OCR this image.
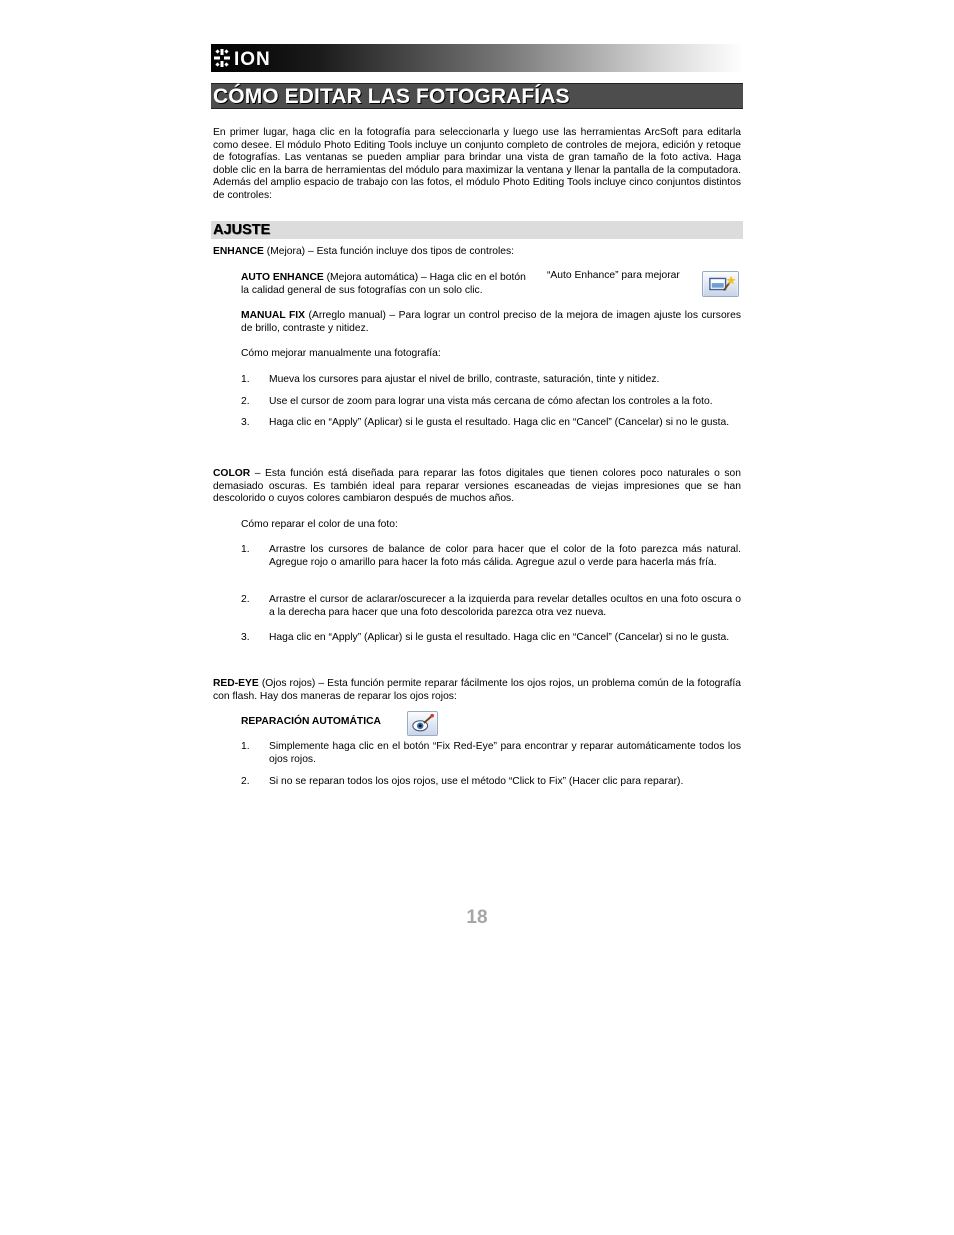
ION
CÓMO EDITAR LAS FOTOGRAFÍAS
En primer lugar, haga clic en la fotografía para seleccionarla y luego use las herramientas ArcSoft para editarla como desee. El módulo Photo Editing Tools incluye un conjunto completo de controles de mejora, edición y retoque de fotografías. Las ventanas se pueden ampliar para brindar una vista de gran tamaño de la foto activa. Haga doble clic en la barra de herramientas del módulo para maximizar la ventana y llenar la pantalla de la computadora. Además del amplio espacio de trabajo con las fotos, el módulo Photo Editing Tools incluye cinco conjuntos distintos de controles:
AJUSTE
ENHANCE (Mejora) – Esta función incluye dos tipos de controles:
AUTO ENHANCE (Mejora automática) – Haga clic en el botón	“Auto Enhance” para mejorar
la calidad general de sus fotografías con un solo clic.
MANUAL FIX (Arreglo manual) – Para lograr un control preciso de la mejora de imagen ajuste los cursores de brillo, contraste y nitidez.
Cómo mejorar manualmente una fotografía:
1. Mueva los cursores para ajustar el nivel de brillo, contraste, saturación, tinte y nitidez.
2. Use el cursor de zoom para lograr una vista más cercana de cómo afectan los controles a la foto.
3. Haga clic en “Apply” (Aplicar) si le gusta el resultado. Haga clic en “Cancel” (Cancelar) si no le gusta.
COLOR – Esta función está diseñada para reparar las fotos digitales que tienen colores poco naturales o son demasiado oscuras. Es también ideal para reparar versiones escaneadas de viejas impresiones que se han descolorido o cuyos colores cambiaron después de muchos años.
Cómo reparar el color de una foto:
1. Arrastre los cursores de balance de color para hacer que el color de la foto parezca más natural. Agregue rojo o amarillo para hacer la foto más cálida. Agregue azul o verde para hacerla más fría.
2. Arrastre el cursor de aclarar/oscurecer a la izquierda para revelar detalles ocultos en una foto oscura o a la derecha para hacer que una foto descolorida parezca otra vez nueva.
3. Haga clic en “Apply” (Aplicar) si le gusta el resultado. Haga clic en “Cancel” (Cancelar) si no le gusta.
RED-EYE (Ojos rojos) – Esta función permite reparar fácilmente los ojos rojos, un problema común de la fotografía con flash. Hay dos maneras de reparar los ojos rojos:
REPARACIÓN AUTOMÁTICA
1. Simplemente haga clic en el botón “Fix Red-Eye” para encontrar y reparar automáticamente todos los ojos rojos.
2. Si no se reparan todos los ojos rojos, use el método “Click to Fix” (Hacer clic para reparar).
18
